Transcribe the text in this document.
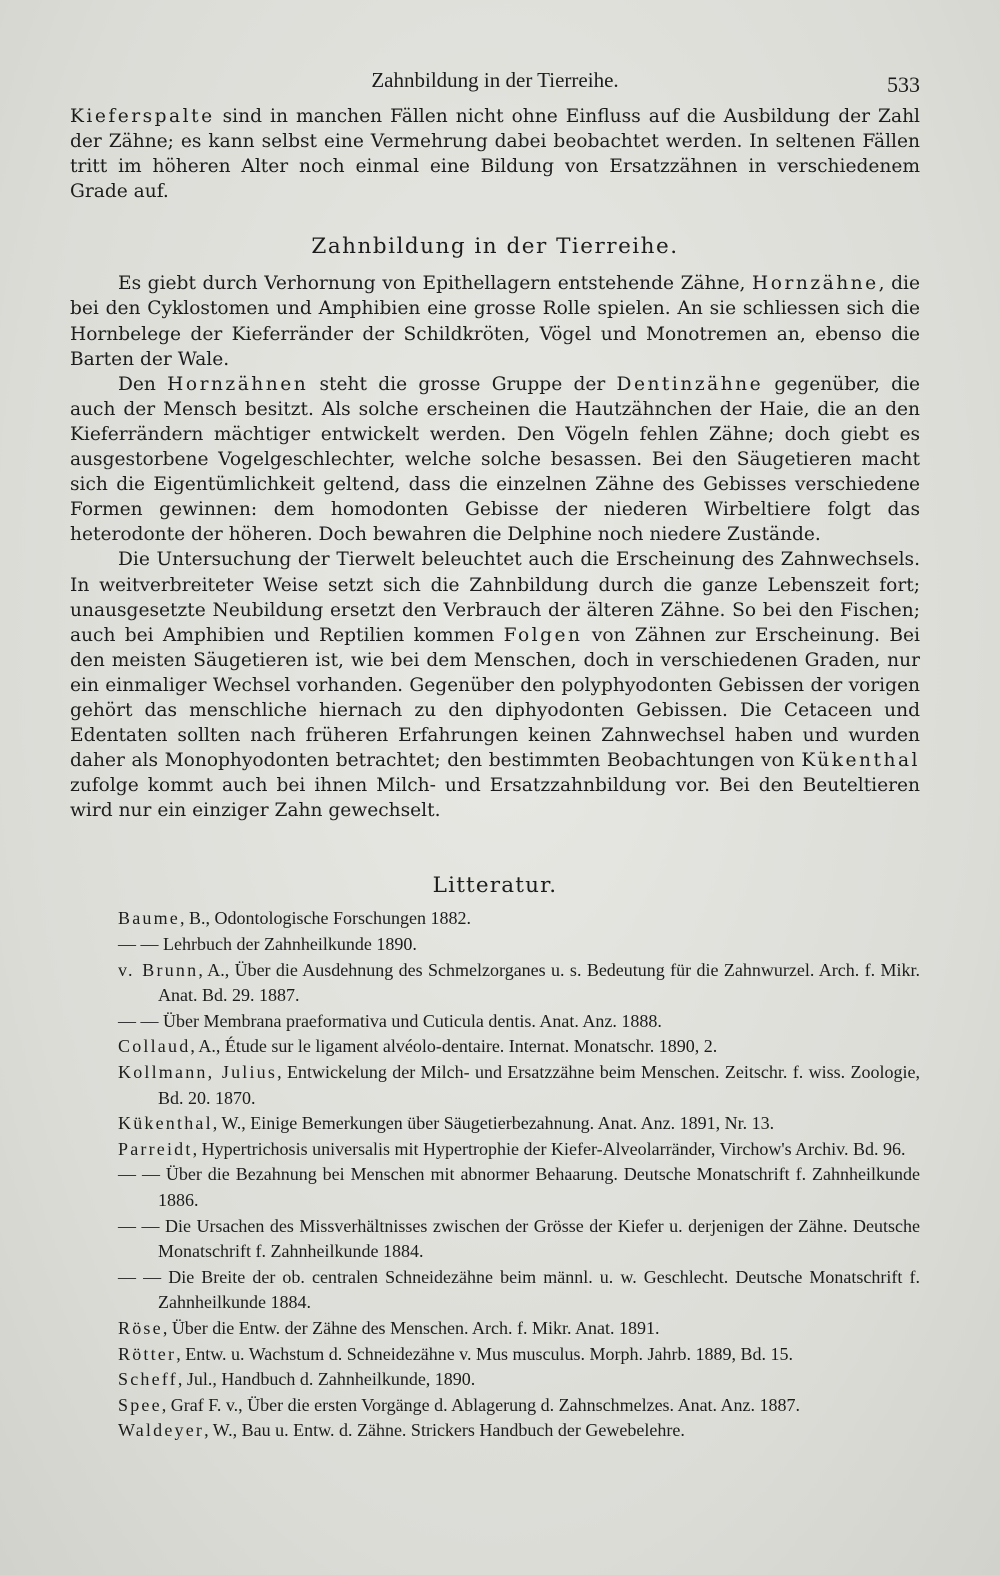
Zahnbildung in der Tierreihe.	533

Kieferspalte sind in manchen Fällen nicht ohne Einfluss auf die Ausbildung der Zahl der Zähne; es kann selbst eine Vermehrung dabei beobachtet werden. In seltenen Fällen tritt im höheren Alter noch einmal eine Bildung von Ersatzzähnen in verschiedenem Grade auf.

Zahnbildung in der Tierreihe.

Es giebt durch Verhornung von Epithellagern entstehende Zähne, Hornzähne, die bei den Cyklostomen und Amphibien eine grosse Rolle spielen. An sie schliessen sich die Hornbelege der Kieferränder der Schildkröten, Vögel und Monotremen an, ebenso die Barten der Wale.

Den Hornzähnen steht die grosse Gruppe der Dentinzähne gegenüber, die auch der Mensch besitzt. Als solche erscheinen die Hautzähnchen der Haie, die an den Kieferrändern mächtiger entwickelt werden. Den Vögeln fehlen Zähne; doch giebt es ausgestorbene Vogelgeschlechter, welche solche besassen. Bei den Säugetieren macht sich die Eigentümlichkeit geltend, dass die einzelnen Zähne des Gebisses verschiedene Formen gewinnen: dem homodonten Gebisse der niederen Wirbeltiere folgt das heterodonte der höheren. Doch bewahren die Delphine noch niedere Zustände.

Die Untersuchung der Tierwelt beleuchtet auch die Erscheinung des Zahnwechsels. In weitverbreiteter Weise setzt sich die Zahnbildung durch die ganze Lebenszeit fort; unausgesetzte Neubildung ersetzt den Verbrauch der älteren Zähne. So bei den Fischen; auch bei Amphibien und Reptilien kommen Folgen von Zähnen zur Erscheinung. Bei den meisten Säugetieren ist, wie bei dem Menschen, doch in verschiedenen Graden, nur ein einmaliger Wechsel vorhanden. Gegenüber den polyphyodonten Gebissen der vorigen gehört das menschliche hiernach zu den diphyodonten Gebissen. Die Cetaceen und Edentaten sollten nach früheren Erfahrungen keinen Zahnwechsel haben und wurden daher als Monophyodonten betrachtet; den bestimmten Beobachtungen von Kükenthal zufolge kommt auch bei ihnen Milch- und Ersatzzahnbildung vor. Bei den Beuteltieren wird nur ein einziger Zahn gewechselt.

Litteratur.

Baume, B., Odontologische Forschungen 1882.

— — Lehrbuch der Zahnheilkunde 1890.

v. Brunn, A., Über die Ausdehnung des Schmelzorganes u. s. Bedeutung für die Zahnwurzel. Arch. f. Mikr. Anat. Bd. 29. 1887.

— — Über Membrana praeformativa und Cuticula dentis. Anat. Anz. 1888.

Collaud, A., Étude sur le ligament alvéolo-dentaire. Internat. Monatschr. 1890, 2.

Kollmann, Julius, Entwickelung der Milch- und Ersatzzähne beim Menschen. Zeitschr. f. wiss. Zoologie, Bd. 20. 1870.

Kükenthal, W., Einige Bemerkungen über Säugetierbezahnung. Anat. Anz. 1891, Nr. 13.

Parreidt, Hypertrichosis universalis mit Hypertrophie der Kiefer-Alveolarränder, Virchow's Archiv. Bd. 96.

— — Über die Bezahnung bei Menschen mit abnormer Behaarung. Deutsche Monatschrift f. Zahnheilkunde 1886.

— — Die Ursachen des Missverhältnisses zwischen der Grösse der Kiefer u. derjenigen der Zähne. Deutsche Monatschrift f. Zahnheilkunde 1884.

— — Die Breite der ob. centralen Schneidezähne beim männl. u. w. Geschlecht. Deutsche Monatschrift f. Zahnheilkunde 1884.

Röse, Über die Entw. der Zähne des Menschen. Arch. f. Mikr. Anat. 1891.

Rötter, Entw. u. Wachstum d. Schneidezähne v. Mus musculus. Morph. Jahrb. 1889, Bd. 15.

Scheff, Jul., Handbuch d. Zahnheilkunde, 1890.

Spee, Graf F. v., Über die ersten Vorgänge d. Ablagerung d. Zahnschmelzes. Anat. Anz. 1887.

Waldeyer, W., Bau u. Entw. d. Zähne. Strickers Handbuch der Gewebelehre.
